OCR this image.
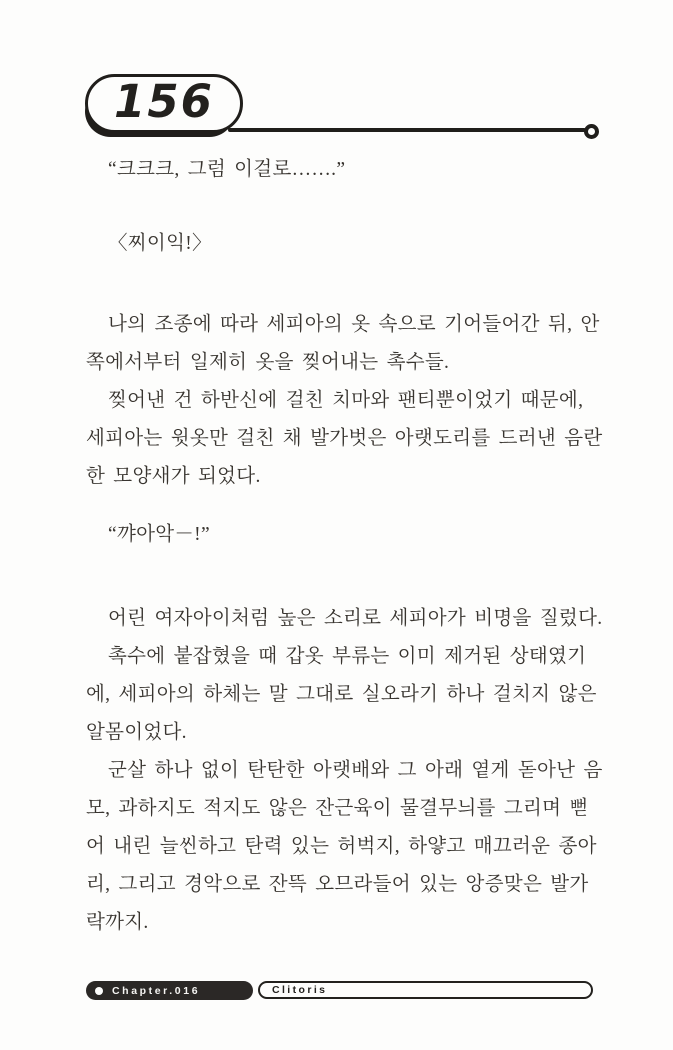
156
“크크크, 그럼 이걸로…….”
〈찌이익!〉
나의 조종에 따라 세피아의 옷 속으로 기어들어간 뒤, 안
쪽에서부터 일제히 옷을 찢어내는 촉수들.
찢어낸 건 하반신에 걸친 치마와 팬티뿐이었기 때문에,
세피아는 윗옷만 걸친 채 발가벗은 아랫도리를 드러낸 음란
한 모양새가 되었다.
“꺄아악－!”
어린 여자아이처럼 높은 소리로 세피아가 비명을 질렀다.
촉수에 붙잡혔을 때 갑옷 부류는 이미 제거된 상태였기
에, 세피아의 하체는 말 그대로 실오라기 하나 걸치지 않은
알몸이었다.
군살 하나 없이 탄탄한 아랫배와 그 아래 옅게 돋아난 음
모, 과하지도 적지도 않은 잔근육이 물결무늬를 그리며 뻗
어 내린 늘씬하고 탄력 있는 허벅지, 하얗고 매끄러운 종아
리, 그리고 경악으로 잔뜩 오므라들어 있는 앙증맞은 발가
락까지.
Chapter.016	Clitoris
